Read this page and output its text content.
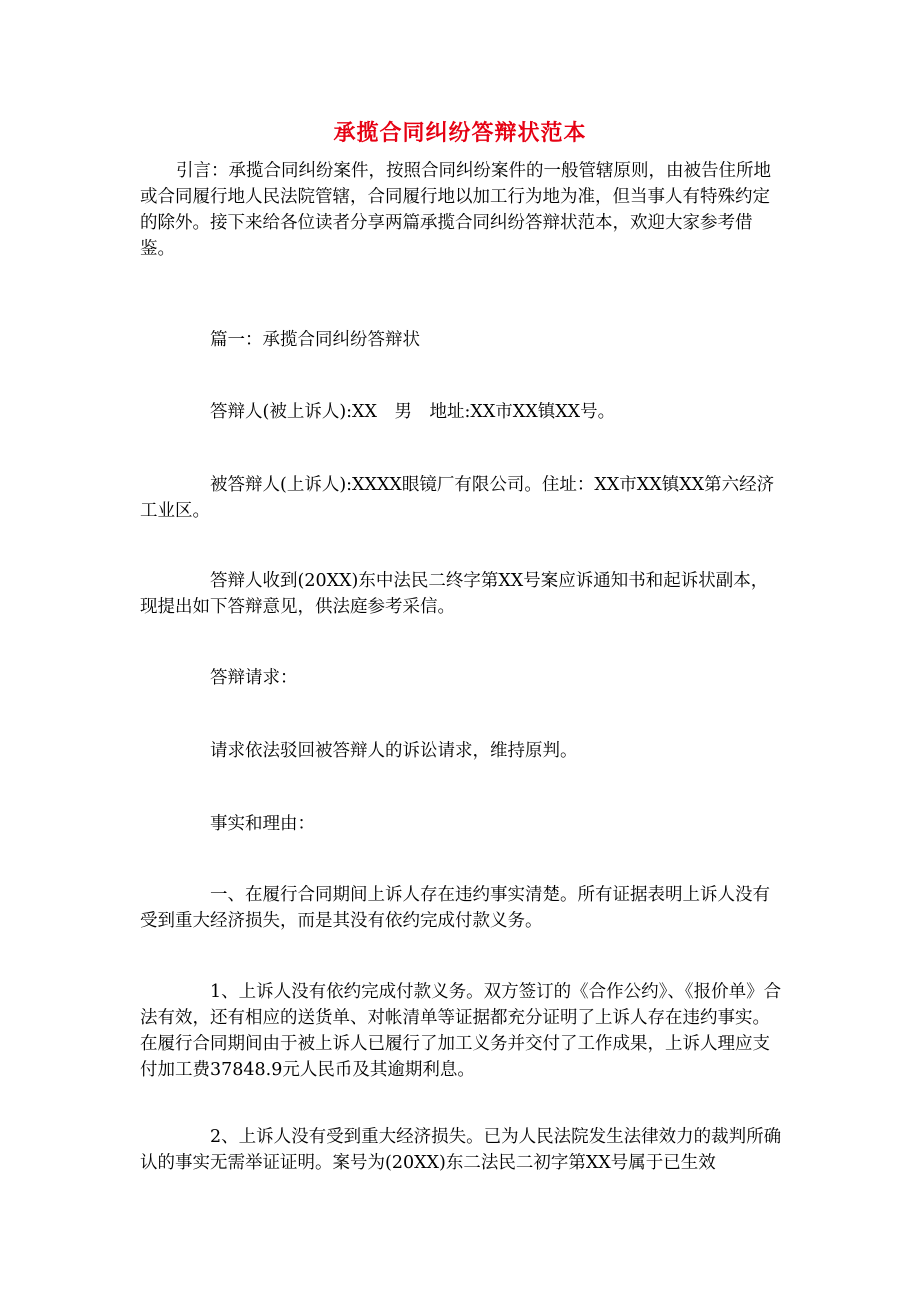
承揽合同纠纷答辩状范本

引言：承揽合同纠纷案件，按照合同纠纷案件的一般管辖原则，由被告住所地或合同履行地人民法院管辖，合同履行地以加工行为地为准，但当事人有特殊约定的除外。接下来给各位读者分享两篇承揽合同纠纷答辩状范本，欢迎大家参考借鉴。

篇一：承揽合同纠纷答辩状

答辩人(被上诉人):XX　男　地址:XX市XX镇XX号。

被答辩人(上诉人):XXXX眼镜厂有限公司。住址：XX市XX镇XX第六经济工业区。

答辩人收到(20XX)东中法民二终字第XX号案应诉通知书和起诉状副本，现提出如下答辩意见，供法庭参考采信。

答辩请求：

请求依法驳回被答辩人的诉讼请求，维持原判。

事实和理由：

一、在履行合同期间上诉人存在违约事实清楚。所有证据表明上诉人没有受到重大经济损失，而是其没有依约完成付款义务。

1、上诉人没有依约完成付款义务。双方签订的《合作公约》、《报价单》合法有效，还有相应的送货单、对帐清单等证据都充分证明了上诉人存在违约事实。在履行合同期间由于被上诉人已履行了加工义务并交付了工作成果，上诉人理应支付加工费37848.9元人民币及其逾期利息。

2、上诉人没有受到重大经济损失。已为人民法院发生法律效力的裁判所确认的事实无需举证证明。案号为(20XX)东二法民二初字第XX号属于已生效
